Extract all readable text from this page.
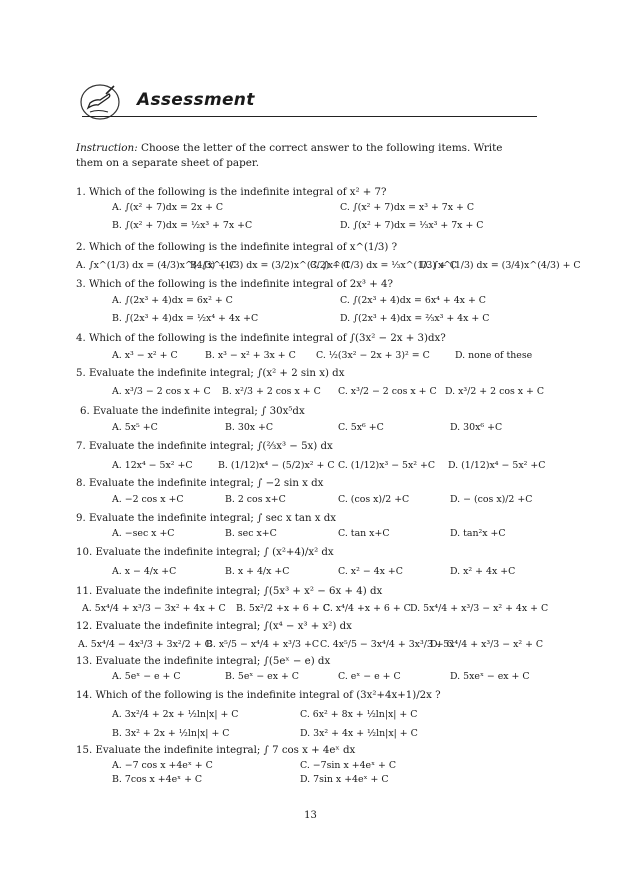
Assessment
Instruction: Choose the letter of the correct answer to the following items. Write
them on a separate sheet of paper.
1. Which of the following is the indefinite integral of x² + 7?
A. ∫(x² + 7)dx = 2x + C	C. ∫(x² + 7)dx = x³ + 7x + C
B. ∫(x² + 7)dx = ½x³ + 7x +C	D. ∫(x² + 7)dx = ⅓x³ + 7x + C
2. Which of the following is the indefinite integral of x^(1/3) ?
A. ∫x^(1/3) dx = (4/3)x^(4/3) + C
B. ∫x^(1/3) dx = (3/2)x^(3/2) + C
C. ∫x^(1/3) dx = ⅓x^(1/3) + C
D. ∫x^(1/3) dx = (3/4)x^(4/3) + C
3. Which of the following is the indefinite integral of 2x³ + 4?
A. ∫(2x³ + 4)dx = 6x² + C	C. ∫(2x³ + 4)dx = 6x⁴ + 4x + C
B. ∫(2x³ + 4)dx = ½x⁴ + 4x +C	D. ∫(2x³ + 4)dx = ⅔x³ + 4x + C
4. Which of the following is the indefinite integral of ∫(3x² − 2x + 3)dx?
A. x³ − x² + C	B. x³ − x² + 3x + C C. ½(3x² − 2x + 3)² = C	D. none of these
5. Evaluate the indefinite integral; ∫(x² + 2 sin x) dx
A. x³/3 − 2 cos x + C B. x²/3 + 2 cos x + C C. x³/2 − 2 cos x + C D. x³/2 + 2 cos x + C
6. Evaluate the indefinite integral; ∫ 30x⁵dx
A. 5x⁵ +C	B. 30x +C	C. 5x⁶ +C	D. 30x⁶ +C
7. Evaluate the indefinite integral; ∫(⅔x³ − 5x) dx
A. 12x⁴ − 5x² +C	B. (1/12)x⁴ − (5/2)x² + C C. (1/12)x³ − 5x² +C D. (1/12)x⁴ − 5x² +C
8. Evaluate the indefinite integral; ∫ −2 sin x dx
A. −2 cos x +C	B. 2 cos x+C	C. (cos x)/2 +C	D. − (cos x)/2 +C
9. Evaluate the indefinite integral; ∫ sec x tan x dx
A. −sec x +C	B. sec x+C	C. tan x+C	D. tan²x +C
10. Evaluate the indefinite integral; ∫ (x²+4)/x² dx
A. x − 4/x +C	B. x + 4/x +C	C. x² − 4x +C	D. x² + 4x +C
11. Evaluate the indefinite integral; ∫(5x³ + x² − 6x + 4) dx
A. 5x⁴/4 + x³/3 − 3x² + 4x + C B. 5x²/2 +x + 6 + C
C. x⁴/4 +x + 6 + C D. 5x⁴/4 + x³/3 − x² + 4x + C
12. Evaluate the indefinite integral; ∫(x⁴ − x³ + x²) dx
A. 5x⁴/4 − 4x³/3 + 3x²/2 + C
B. x⁵/5 − x⁴/4 + x³/3 +C C. 4x⁵/5 − 3x⁴/4 + 3x³/3 + C
D. 5x⁴/4 + x³/3 − x² + C
13. Evaluate the indefinite integral; ∫(5eˣ − e) dx
A. 5eˣ − e + C	B. 5eˣ − ex + C	C. eˣ − e + C	D. 5xeˣ − ex + C
14. Which of the following is the indefinite integral of (3x²+4x+1)/2x ?
A. 3x²/4 + 2x + ½ln|x| + C	C. 6x² + 8x + ½ln|x| + C
B. 3x² + 2x + ½ln|x| + C	D. 3x² + 4x + ½ln|x| + C
15. Evaluate the indefinite integral; ∫ 7 cos x + 4eˣ dx
A. −7 cos x +4eˣ + C	C. −7sin x +4eˣ + C
B. 7cos x +4eˣ + C	D. 7sin x +4eˣ + C
13
